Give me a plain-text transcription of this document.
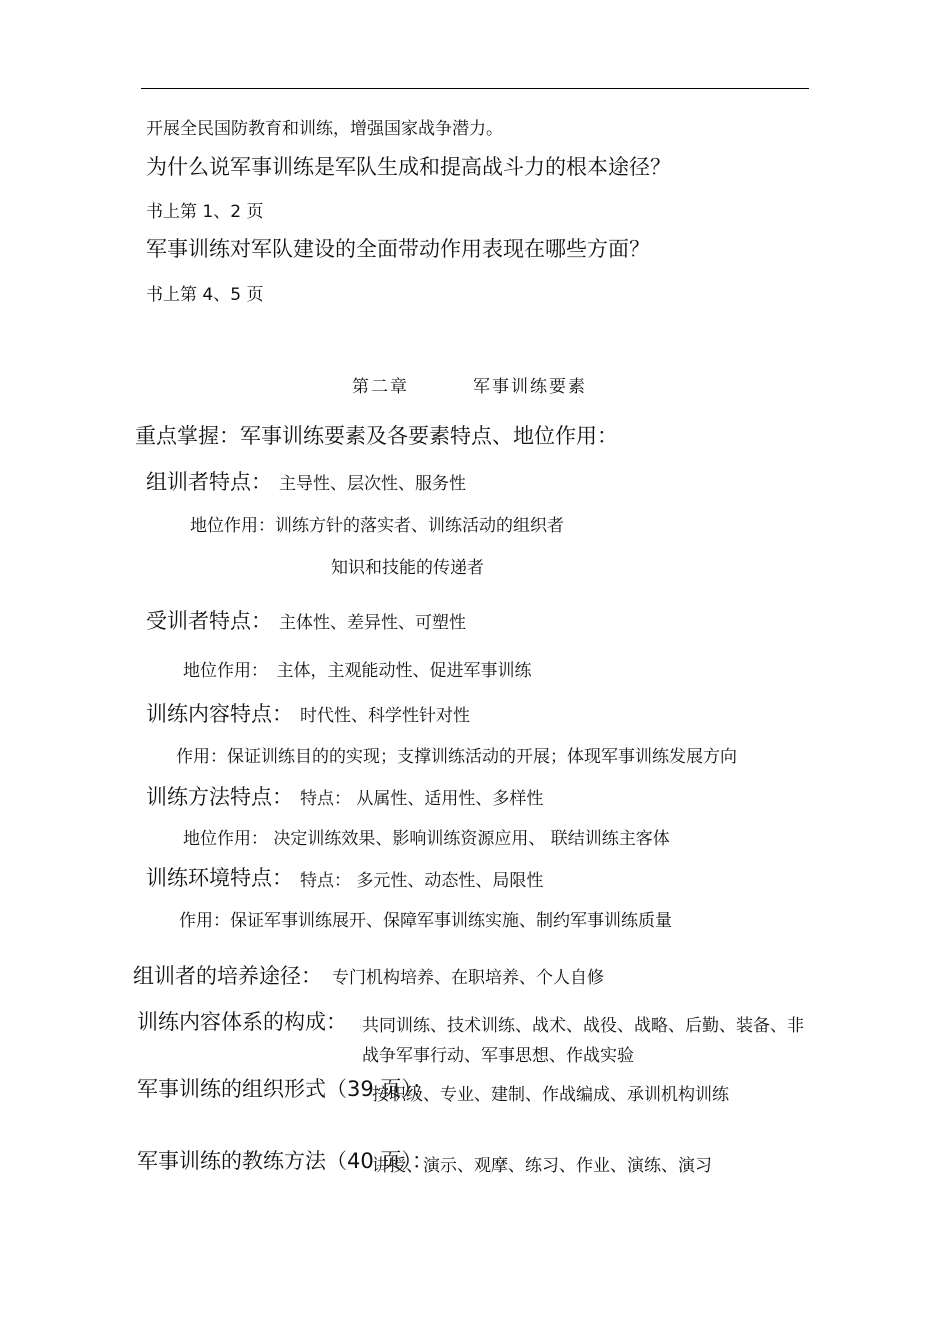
开展全民国防教育和训练，增强国家战争潜力。
为什么说军事训练是军队生成和提高战斗力的根本途径？
书上第 1、2 页
军事训练对军队建设的全面带动作用表现在哪些方面？
书上第 4、5 页
第二章	军事训练要素
重点掌握：军事训练要素及各要素特点、地位作用：
组训者特点： 主导性、层次性、服务性
地位作用：训练方针的落实者、训练活动的组织者
知识和技能的传递者
受训者特点： 主体性、差异性、可塑性
地位作用：　主体，主观能动性、促进军事训练
训练内容特点： 时代性、科学性针对性
作用：保证训练目的的实现；支撑训练活动的开展；体现军事训练发展方向
训练方法特点： 特点： 从属性、适用性、多样性
地位作用： 决定训练效果、影响训练资源应用、 联结训练主客体
训练环境特点： 特点： 多元性、动态性、局限性
作用：保证军事训练展开、保障军事训练实施、制约军事训练质量
组训者的培养途径： 专门机构培养、在职培养、个人自修
训练内容体系的构成： 共同训练、技术训练、战术、战役、战略、后勤、装备、非战争军事行动、军事思想、作战实验
军事训练的组织形式（39 页）：
按职级、专业、建制、作战编成、承训机构训练
军事训练的教练方法（40 页）：
讲授、演示、观摩、练习、作业、演练、演习
